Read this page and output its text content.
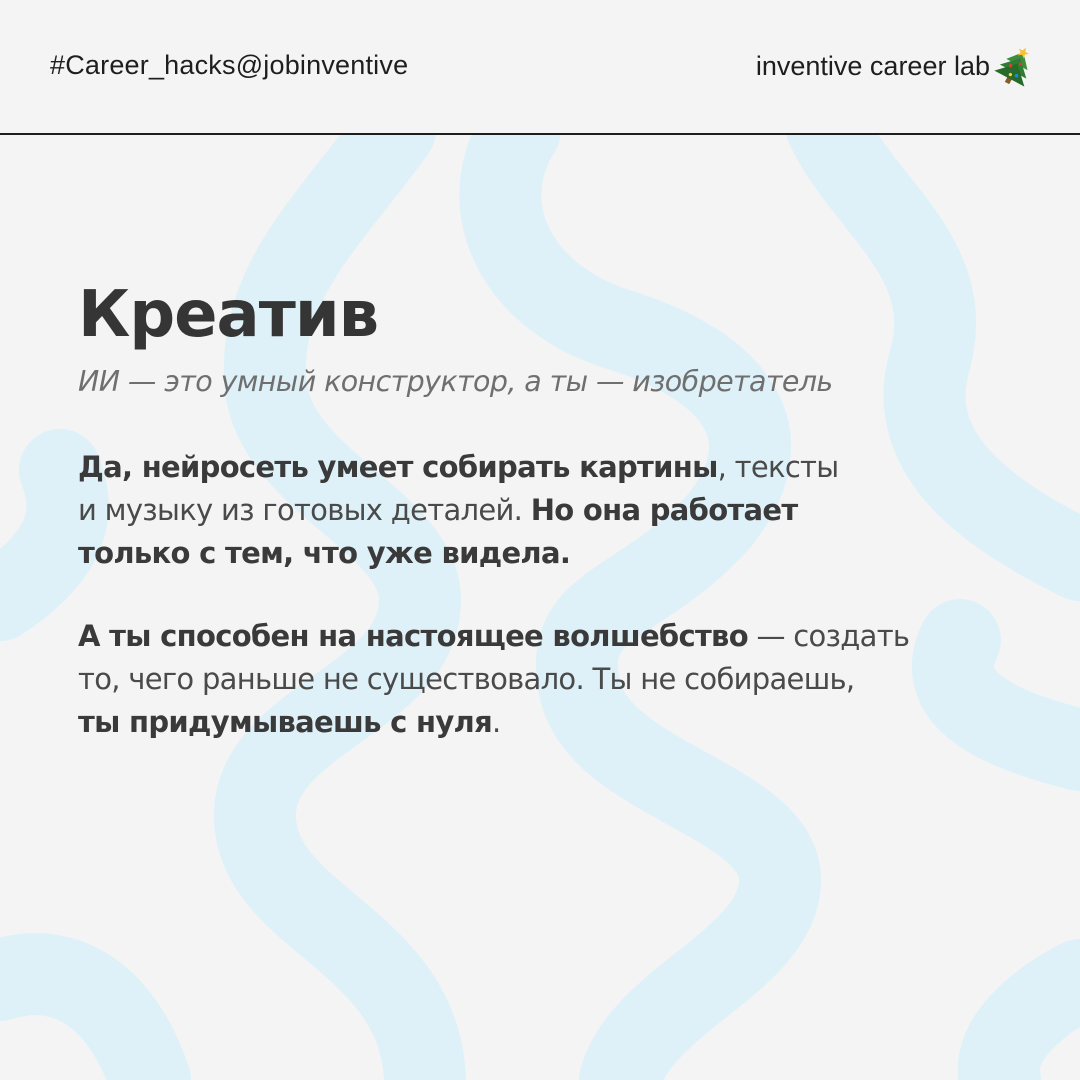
#Career_hacks@jobinventive	inventive career lab
Креатив

ИИ — это умный конструктор, а ты — изобретатель

Да, нейросеть умеет собирать картины, тексты
и музыку из готовых деталей. Но она работает
только с тем, что уже видела.

А ты способен на настоящее волшебство — создать
то, чего раньше не существовало. Ты не собираешь,
ты придумываешь с нуля.
